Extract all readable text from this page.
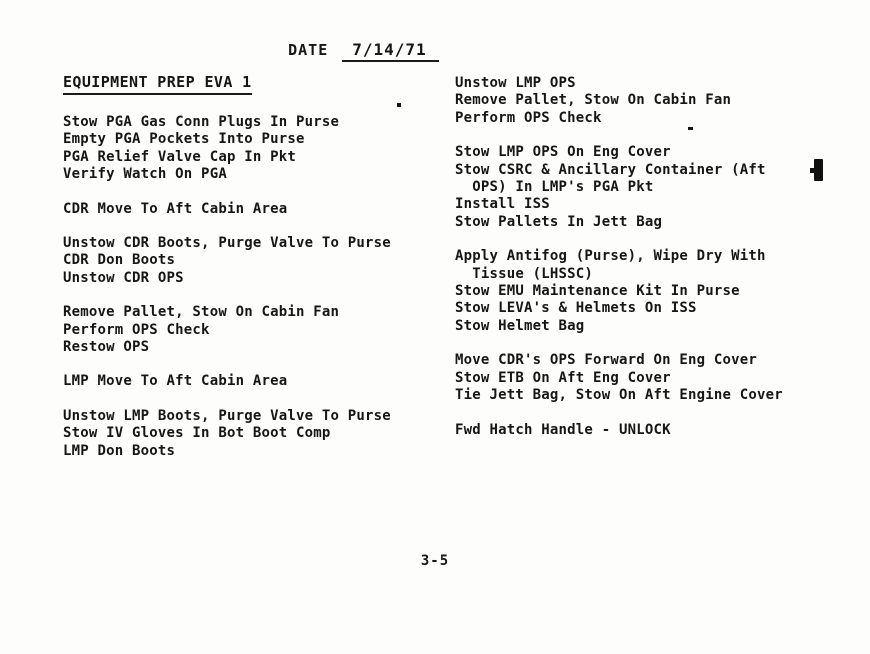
DATE 7/14/71

EQUIPMENT PREP EVA 1
Stow PGA Gas Conn Plugs In Purse
Empty PGA Pockets Into Purse
PGA Relief Valve Cap In Pkt
Verify Watch On PGA
CDR Move To Aft Cabin Area
Unstow CDR Boots, Purge Valve To Purse
CDR Don Boots
Unstow CDR OPS
Remove Pallet, Stow On Cabin Fan
Perform OPS Check
Restow OPS
LMP Move To Aft Cabin Area
Unstow LMP Boots, Purge Valve To Purse
Stow IV Gloves In Bot Boot Comp
LMP Don Boots
Unstow LMP OPS
Remove Pallet, Stow On Cabin Fan
Perform OPS Check
Stow LMP OPS On Eng Cover
Stow CSRC & Ancillary Container (Aft
OPS) In LMP's PGA Pkt
Install ISS
Stow Pallets In Jett Bag
Apply Antifog (Purse), Wipe Dry With
Tissue (LHSSC)
Stow EMU Maintenance Kit In Purse
Stow LEVA's & Helmets On ISS
Stow Helmet Bag
Move CDR's OPS Forward On Eng Cover
Stow ETB On Aft Eng Cover
Tie Jett Bag, Stow On Aft Engine Cover
Fwd Hatch Handle - UNLOCK
3-5
